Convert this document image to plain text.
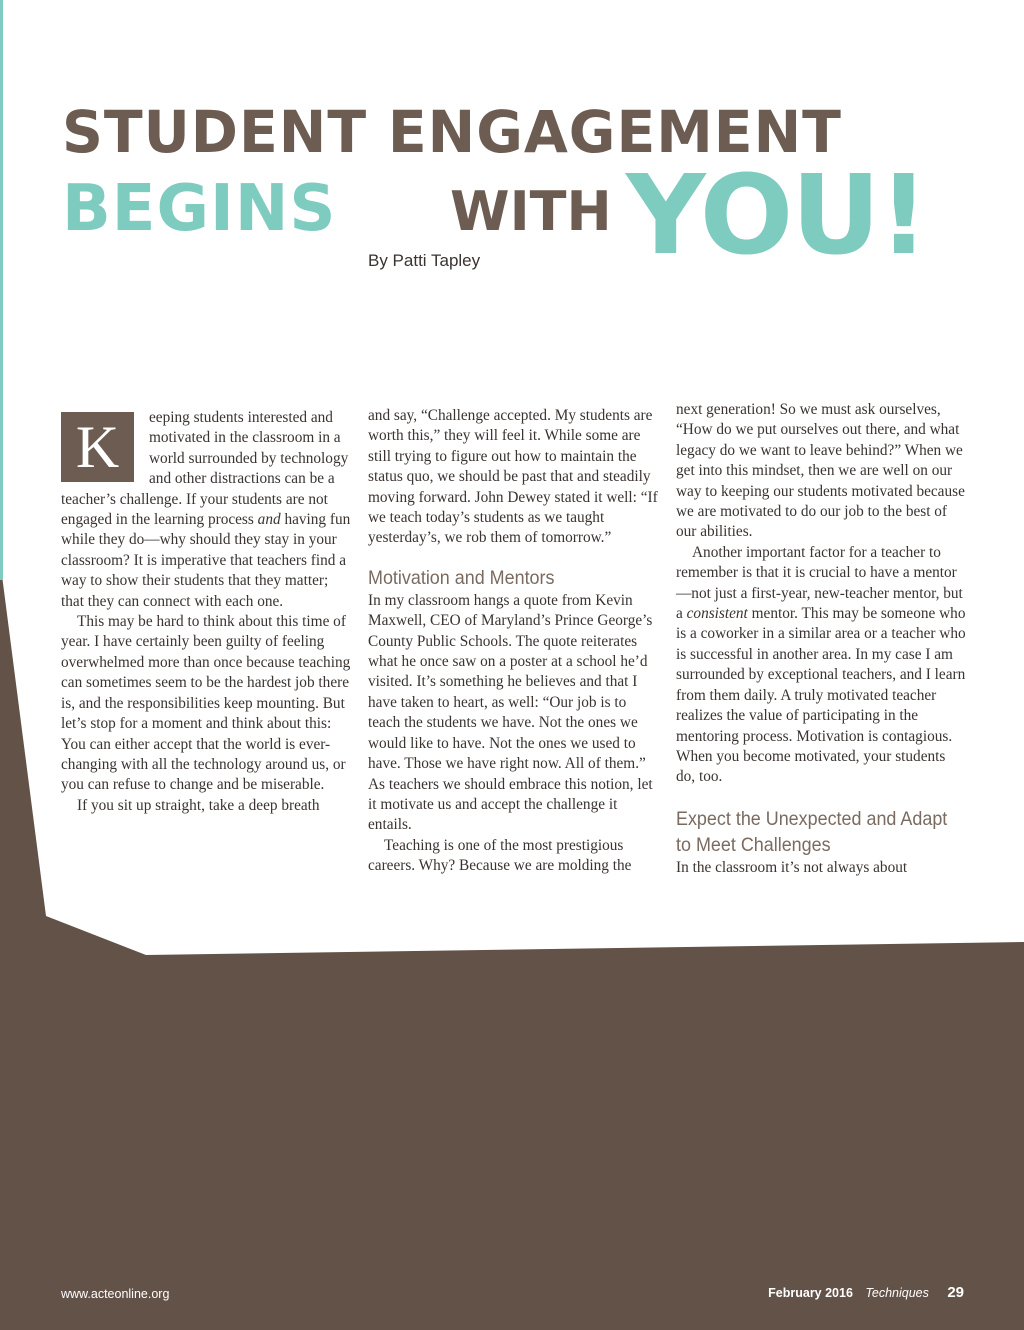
STUDENT ENGAGEMENT
BEGINS WITH YOU!
By Patti Tapley
K	eeping students interested and motivated in the classroom in a world surrounded by technology and other distractions can be a teacher’s challenge. If your students are not engaged in the learning process and having fun while they do—why should they stay in your classroom? It is imperative that teachers find a way to show their students that they matter; that they can connect with each one.

This may be hard to think about this time of year. I have certainly been guilty of feeling overwhelmed more than once because teaching can sometimes seem to be the hardest job there is, and the responsibilities keep mounting. But let’s stop for a moment and think about this: You can either accept that the world is ever-changing with all the technology around us, or you can refuse to change and be miserable.

If you sit up straight, take a deep breath

and say, “Challenge accepted. My students are worth this,” they will feel it. While some are still trying to figure out how to maintain the status quo, we should be past that and steadily moving forward. John Dewey stated it well: “If we teach today’s students as we taught yesterday’s, we rob them of tomorrow.”

Motivation and Mentors

In my classroom hangs a quote from Kevin Maxwell, CEO of Maryland’s Prince George’s County Public Schools. The quote reiterates what he once saw on a poster at a school he’d visited. It’s something he believes and that I have taken to heart, as well: “Our job is to teach the students we have. Not the ones we would like to have. Not the ones we used to have. Those we have right now. All of them.” As teachers we should embrace this notion, let it motivate us and accept the challenge it entails.

Teaching is one of the most prestigious careers. Why? Because we are molding the

next generation! So we must ask ourselves, “How do we put ourselves out there, and what legacy do we want to leave behind?” When we get into this mindset, then we are well on our way to keeping our students motivated because we are motivated to do our job to the best of our abilities.

Another important factor for a teacher to remember is that it is crucial to have a mentor—not just a first-year, new-teacher mentor, but a consistent mentor. This may be someone who is a coworker in a similar area or a teacher who is successful in another area. In my case I am surrounded by exceptional teachers, and I learn from them daily. A truly motivated teacher realizes the value of participating in the mentoring process. Motivation is contagious. When you become motivated, your students do, too.

Expect the Unexpected and Adapt to Meet Challenges

In the classroom it’s not always about

www.acteonline.org	February 2016 Techniques 29
